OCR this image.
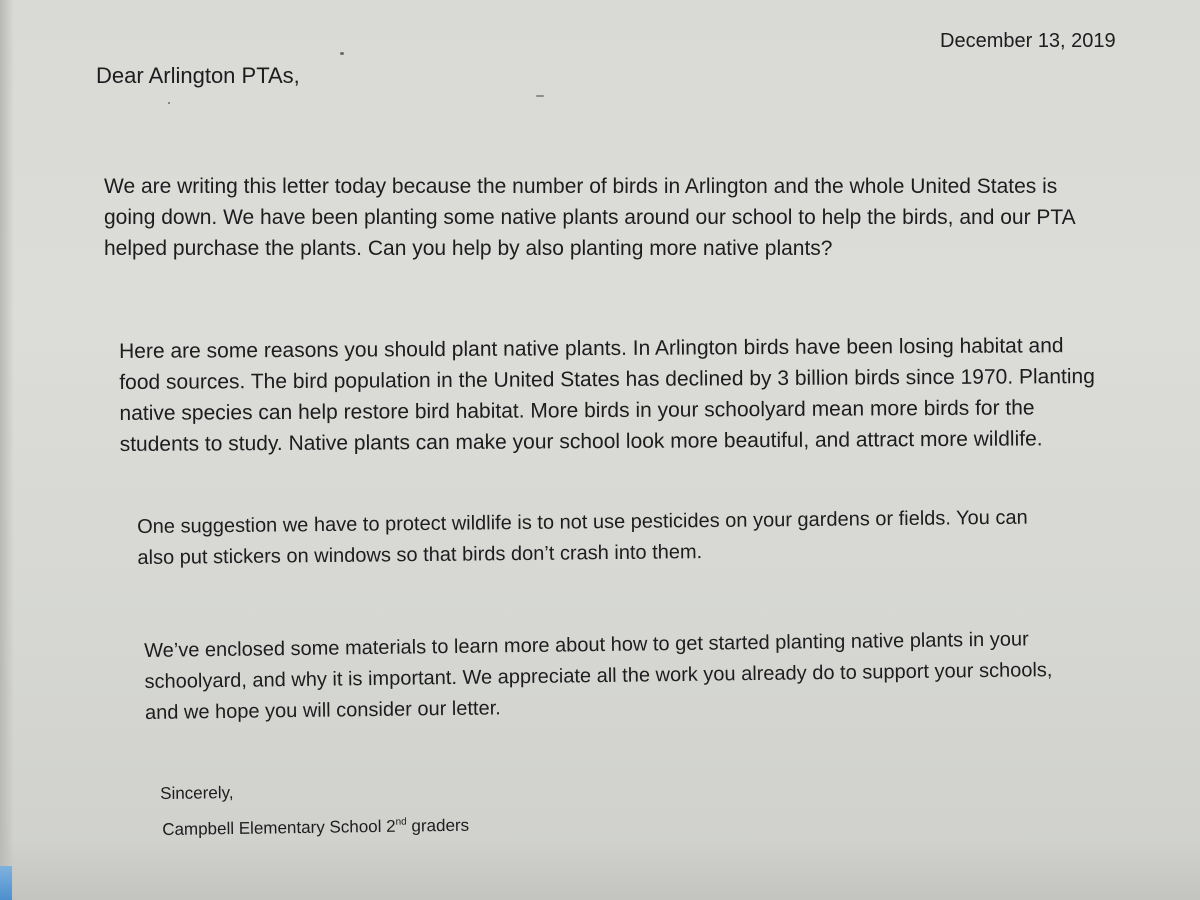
December 13, 2019
Dear Arlington PTAs,
We are writing this letter today because the number of birds in Arlington and the whole United States is
going down. We have been planting some native plants around our school to help the birds, and our PTA
helped purchase the plants. Can you help by also planting more native plants?
Here are some reasons you should plant native plants. In Arlington birds have been losing habitat and
food sources. The bird population in the United States has declined by 3 billion birds since 1970. Planting
native species can help restore bird habitat. More birds in your schoolyard mean more birds for the
students to study. Native plants can make your school look more beautiful, and attract more wildlife.
One suggestion we have to protect wildlife is to not use pesticides on your gardens or fields. You can
also put stickers on windows so that birds don’t crash into them.
We’ve enclosed some materials to learn more about how to get started planting native plants in your
schoolyard, and why it is important. We appreciate all the work you already do to support your schools,
and we hope you will consider our letter.
Sincerely,
Campbell Elementary School 2nd graders
